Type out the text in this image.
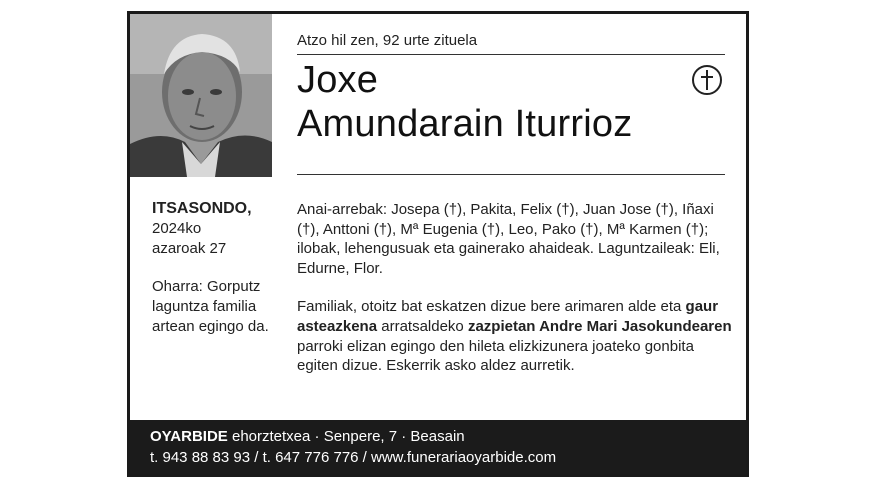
Atzo hil zen, 92 urte zituela
Joxe
Amundarain Iturrioz
ITSASONDO,
2024ko
azaroak 27
Oharra: Gorputz laguntza familia artean egingo da.

Anai-arrebak: Josepa (†), Pakita, Felix (†), Juan Jose (†), Iñaxi (†), Anttoni (†), Mª Eugenia (†), Leo, Pako (†), Mª Karmen (†); ilobak, lehengusuak eta gainerako ahaideak. Laguntzaileak: Eli, Edurne, Flor.

Familiak, otoitz bat eskatzen dizue bere arimaren alde eta gaur asteazkena arratsaldeko zazpietan Andre Mari Jasokundearen parroki elizan egingo den hileta elizkizunera joateko gonbita egiten dizue. Eskerrik asko aldez aurretik.

OYARBIDE ehorztetxea · Senpere, 7 · Beasain
t. 943 88 83 93 / t. 647 776 776 / www.funerariaoyarbide.com
